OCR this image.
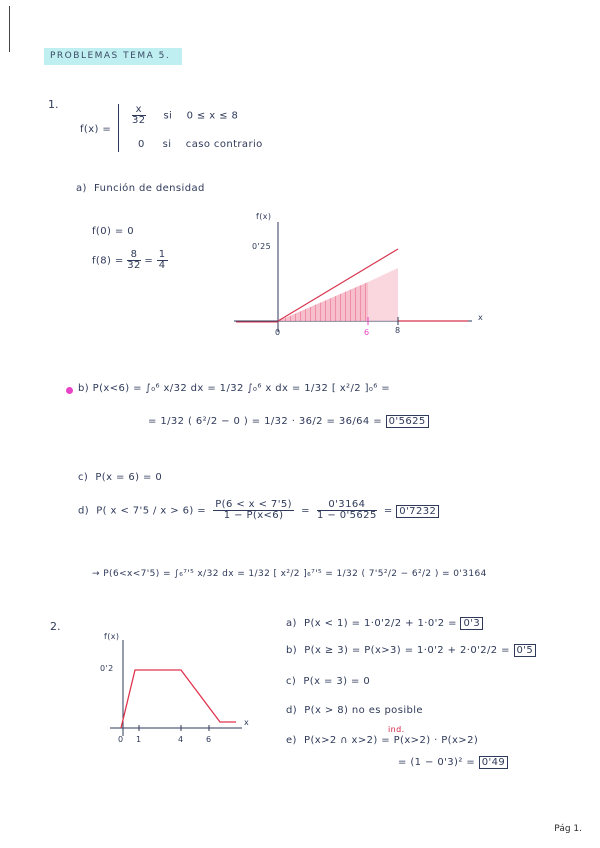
PROBLEMAS TEMA 5.
1.
f(x) =
$\frac{x}{32}$ si 0 ≤ x ≤ 8
0 si caso contrario
a) Función de densidad
f(0) = 0
$f(8) = \frac{8}{32} = \frac{1}{4}$
f(x)
0'25
x
0	6	8
b) P(x<6) = ∫₀⁶ x/32 dx = 1/32 ∫₀⁶ x dx = 1/32 [ x²/2 ]₀⁶ =
= 1/32 ( 6²/2 − 0 ) = 1/32 · 36/2 = 36/64 = 0'5625
c) P(x = 6) = 0
d) P( $x < 7'5 / x > 6) = \frac{P(6 < x < 7'5)}{1 - P(x<6)} = \frac{0'3164}{1 - 0'5625} = 0'7232$
→ P(6<x<7'5) = ∫₆⁷'⁵ x/32 dx = 1/32 [ x²/2 ]₆⁷'⁵ = 1/32 ( 7'5²/2 − 6²/2 ) = 0'3164
2.
f(x)
0'2
x
0 1	4	6
a) P(x < 1) = 1·0'2/2 + 1·0'2 = 0'3
b) P(x ≥ 3) = P(x>3) = 1·0'2 + 2·0'2/2 = 0'5
c) P(x = 3) = 0
d) P(x > 8) no es posible
ind.
e) P(x>2 ∩ x>2) = P(x>2) · P(x>2)
= (1 − 0'3)² = 0'49
Pág 1.
